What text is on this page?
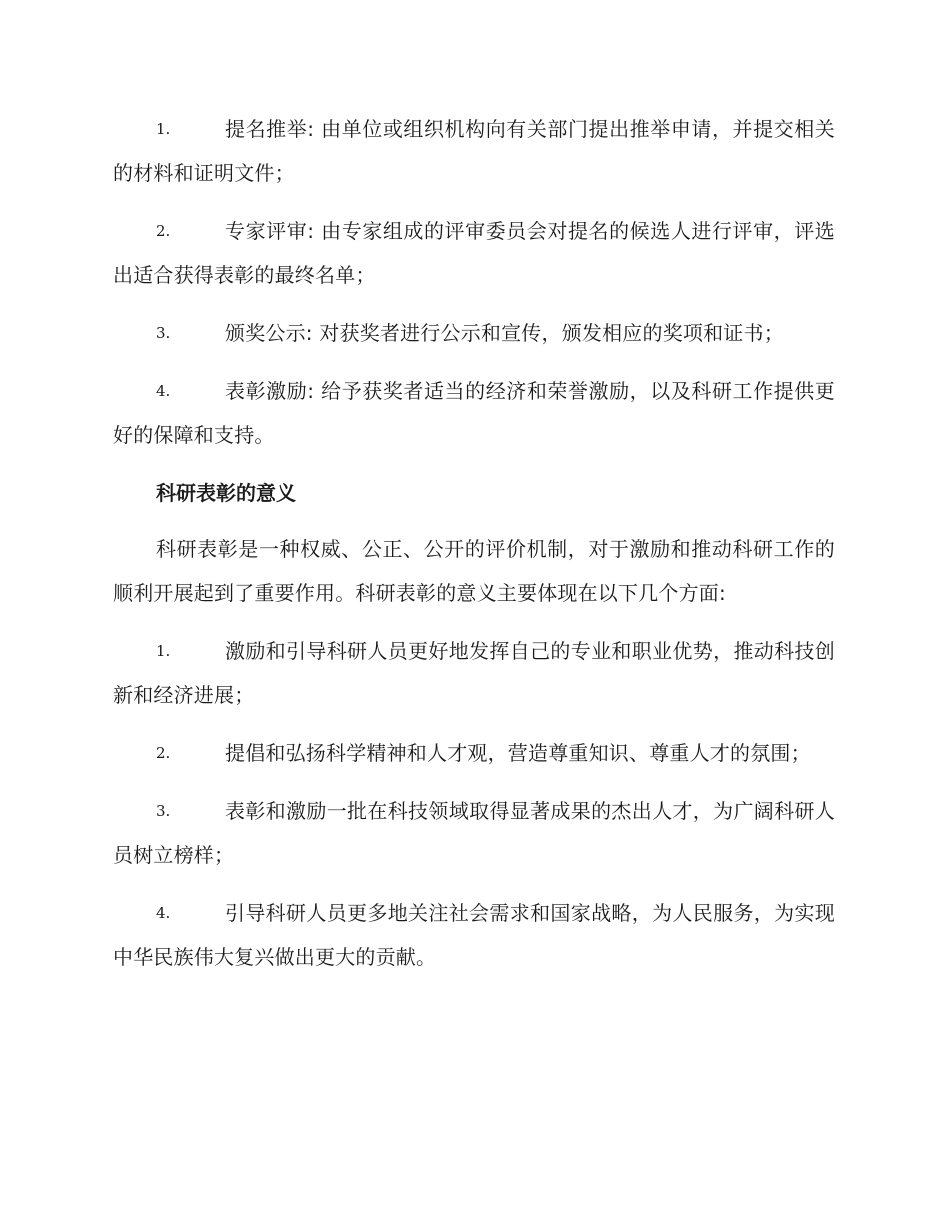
1.	提名推举: 由单位或组织机构向有关部门提出推举申请，并提交相关的材料和证明文件；
2.	专家评审: 由专家组成的评审委员会对提名的候选人进行评审，评选出适合获得表彰的最终名单；
3.	颁奖公示: 对获奖者进行公示和宣传，颁发相应的奖项和证书；
4.	表彰激励: 给予获奖者适当的经济和荣誉激励，以及科研工作提供更好的保障和支持。
科研表彰的意义

科研表彰是一种权威、公正、公开的评价机制，对于激励和推动科研工作的顺利开展起到了重要作用。科研表彰的意义主要体现在以下几个方面:

1.	激励和引导科研人员更好地发挥自己的专业和职业优势，推动科技创新和经济进展；
2.	提倡和弘扬科学精神和人才观，营造尊重知识、尊重人才的氛围；
3.	表彰和激励一批在科技领域取得显著成果的杰出人才，为广阔科研人员树立榜样；
4.	引导科研人员更多地关注社会需求和国家战略，为人民服务，为实现中华民族伟大复兴做出更大的贡献。
